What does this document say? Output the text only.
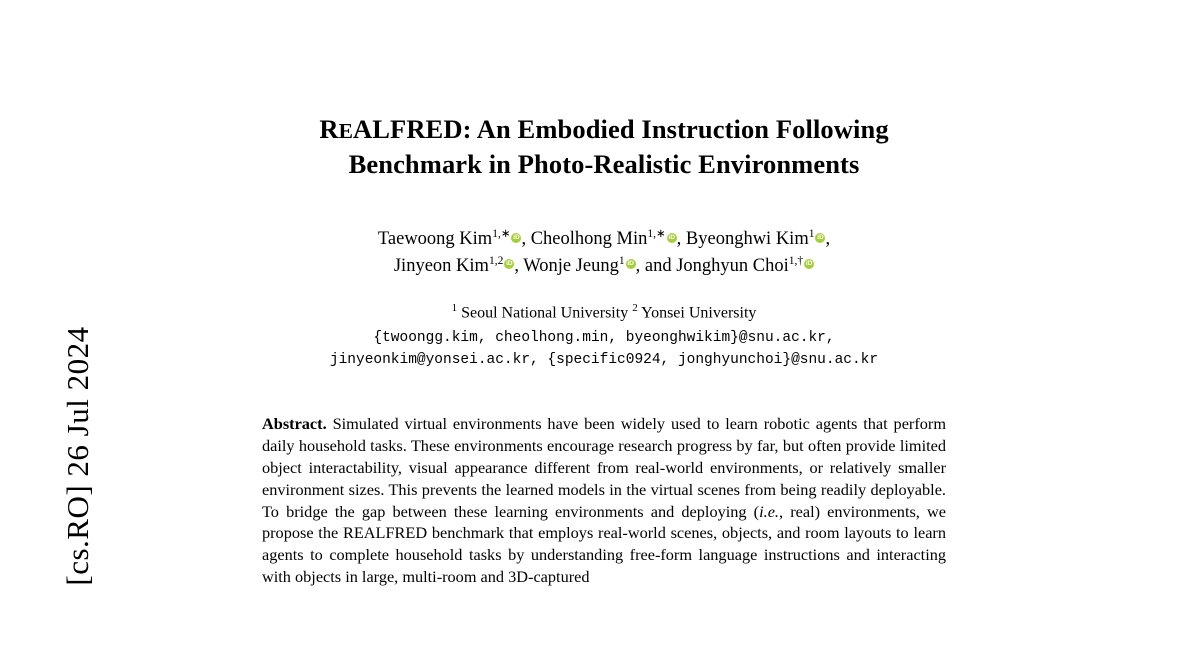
[cs.RO] 26 Jul 2024
REALFRED: An Embodied Instruction Following
Benchmark in Photo-Realistic Environments
Taewoong Kim$^{1,∗}$ iD , Cheolhong Min$^{1,∗}$ iD , Byeonghwi Kim$^1$ iD ,
Jinyeon Kim$^{1,2}$ iD , Wonje Jeung$^1$ iD , and Jonghyun Choi$^{1,\dagger}$iD
$^1$ Seoul National University $^2$ Yonsei University
{twoongg.kim, cheolhong.min, byeonghwikim}@snu.ac.kr,
jinyeonkim@yonsei.ac.kr, {specific0924, jonghyunchoi}@snu.ac.kr

Abstract. Simulated virtual environments have been widely used to learn robotic agents that perform daily household tasks. These environments encourage research progress by far, but often provide limited object interactability, visual appearance different from real-world environments, or relatively smaller environment sizes. This prevents the learned models in the virtual scenes from being readily deployable. To bridge the gap between these learning environments and deploying (i.e., real) environments, we propose the REALFRED benchmark that employs real-world scenes, objects, and room layouts to learn agents to complete household tasks by understanding free-form language instructions and interacting with objects in large, multi-room and 3D-captured
